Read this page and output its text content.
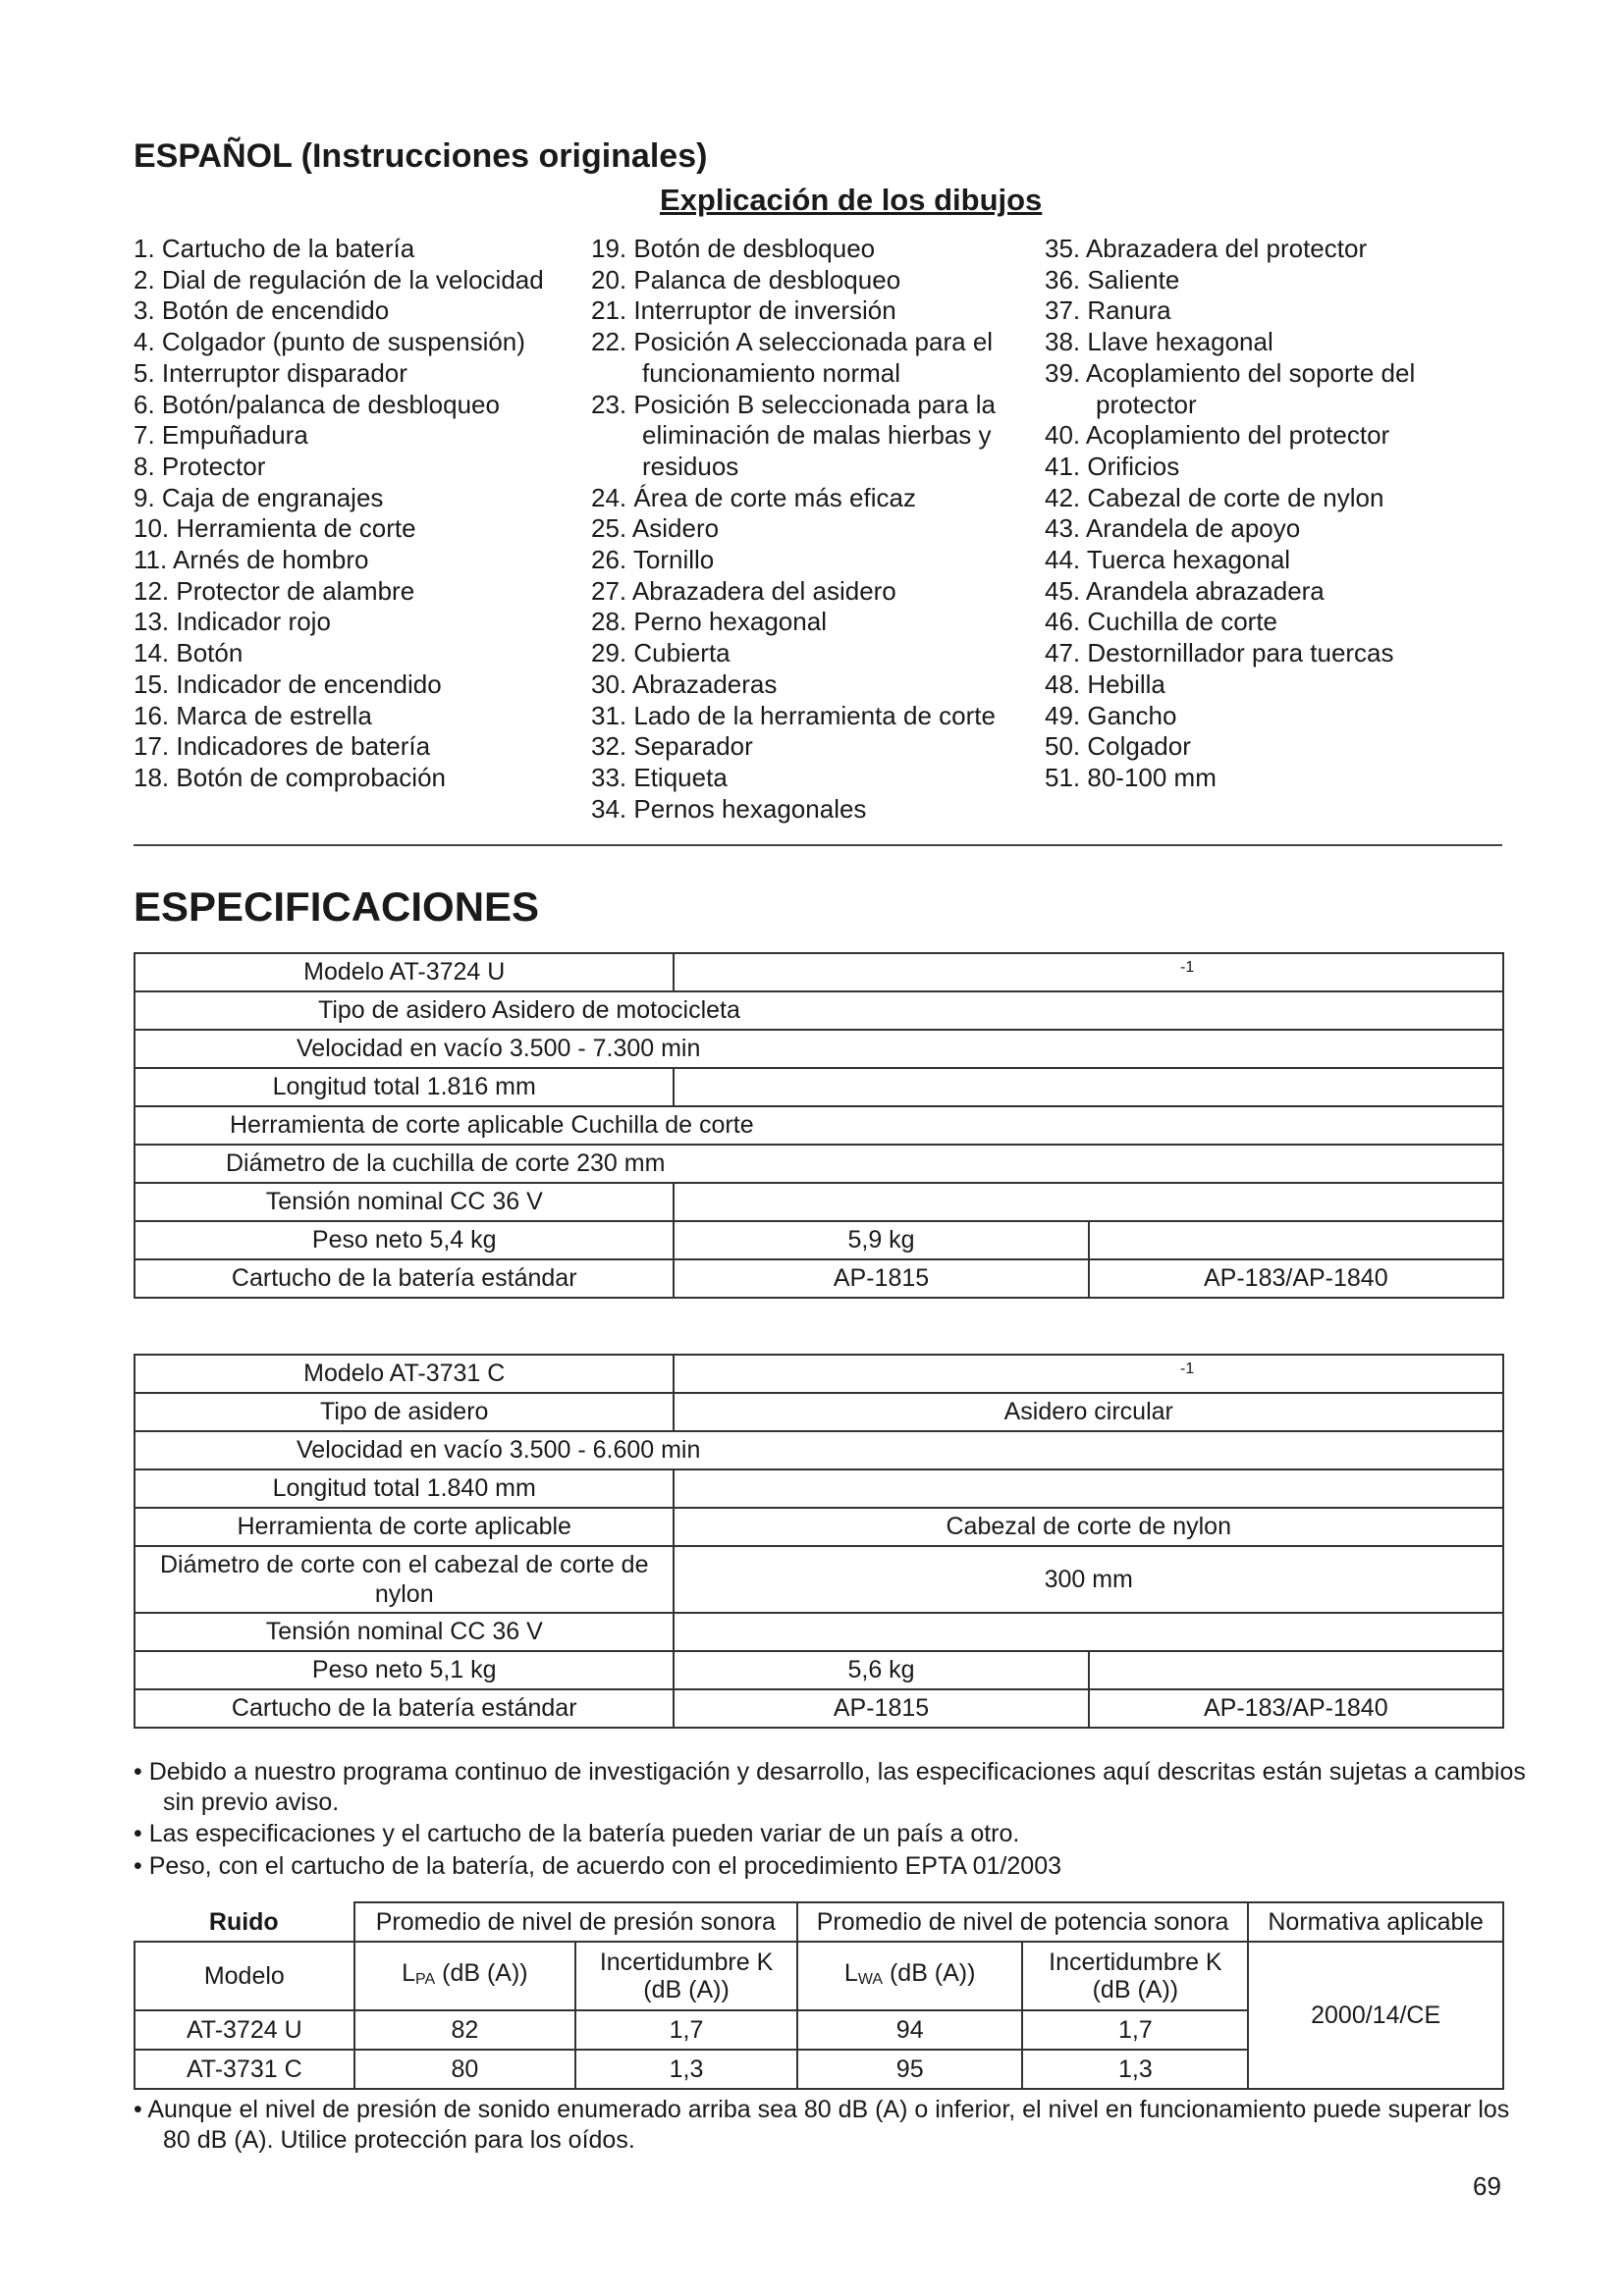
ESPAÑOL (Instrucciones originales)
Explicación de los dibujos
1. Cartucho de la batería
2. Dial de regulación de la velocidad
3. Botón de encendido
4. Colgador (punto de suspensión)
5. Interruptor disparador
6. Botón/palanca de desbloqueo
7. Empuñadura
8. Protector
9. Caja de engranajes
10. Herramienta de corte
11. Arnés de hombro
12. Protector de alambre
13. Indicador rojo
14. Botón
15. Indicador de encendido
16. Marca de estrella
17. Indicadores de batería
18. Botón de comprobación
19. Botón de desbloqueo
20. Palanca de desbloqueo
21. Interruptor de inversión
22. Posición A seleccionada para el funcionamiento normal
23. Posición B seleccionada para la eliminación de malas hierbas y residuos
24. Área de corte más eficaz
25. Asidero
26. Tornillo
27. Abrazadera del asidero
28. Perno hexagonal
29. Cubierta
30. Abrazaderas
31. Lado de la herramienta de corte
32. Separador
33. Etiqueta
34. Pernos hexagonales
35. Abrazadera del protector
36. Saliente
37. Ranura
38. Llave hexagonal
39. Acoplamiento del soporte del protector
40. Acoplamiento del protector
41. Orificios
42. Cabezal de corte de nylon
43. Arandela de apoyo
44. Tuerca hexagonal
45. Arandela abrazadera
46. Cuchilla de corte
47. Destornillador para tuercas
48. Hebilla
49. Gancho
50. Colgador
51. 80-100 mm
ESPECIFICACIONES
Modelo AT-3724 U		
Tipo de asidero Asidero de motocicleta		
Velocidad en vacío 3.500 - 7.300 min
-1		

Longitud total 1.816 mm		
Herramienta de corte aplicable Cuchilla de corte		
Diámetro de la cuchilla de corte 230 mm		
Tensión nominal CC 36 V		
Peso neto 5,4 kg	5,9 kg	
Cartucho de la batería estándar	AP-1815	AP-183/AP-1840
Modelo AT-3731 C		
Tipo de asidero	Asidero circular	
Velocidad en vacío 3.500 - 6.600 min
-1		

Longitud total 1.840 mm		
Herramienta de corte aplicable	Cabezal de corte de nylon	
Diámetro de corte con el cabezal de corte de nylon	300 mm	
Tensión nominal CC 36 V		
Peso neto 5,1 kg	5,6 kg	
Cartucho de la batería estándar	AP-1815	AP-183/AP-1840
• Debido a nuestro programa continuo de investigación y desarrollo, las especificaciones aquí descritas están sujetas a cambios sin previo aviso.
• Las especificaciones y el cartucho de la batería pueden variar de un país a otro.
• Peso, con el cartucho de la batería, de acuerdo con el procedimiento EPTA 01/2003
Ruido	Promedio de nivel de presión sonora		Promedio de nivel de potencia sonora		Normativa aplicable
Modelo	LPA (dB (A))	Incertidumbre K (dB (A))	LWA (dB (A))	Incertidumbre K (dB (A))	2000/14/CE
AT-3724 U	82	1,7	94	1,7	
AT-3731 C	80	1,3	95	1,3	
• Aunque el nivel de presión de sonido enumerado arriba sea 80 dB (A) o inferior, el nivel en funcionamiento puede superar los 80 dB (A). Utilice protección para los oídos.
69
